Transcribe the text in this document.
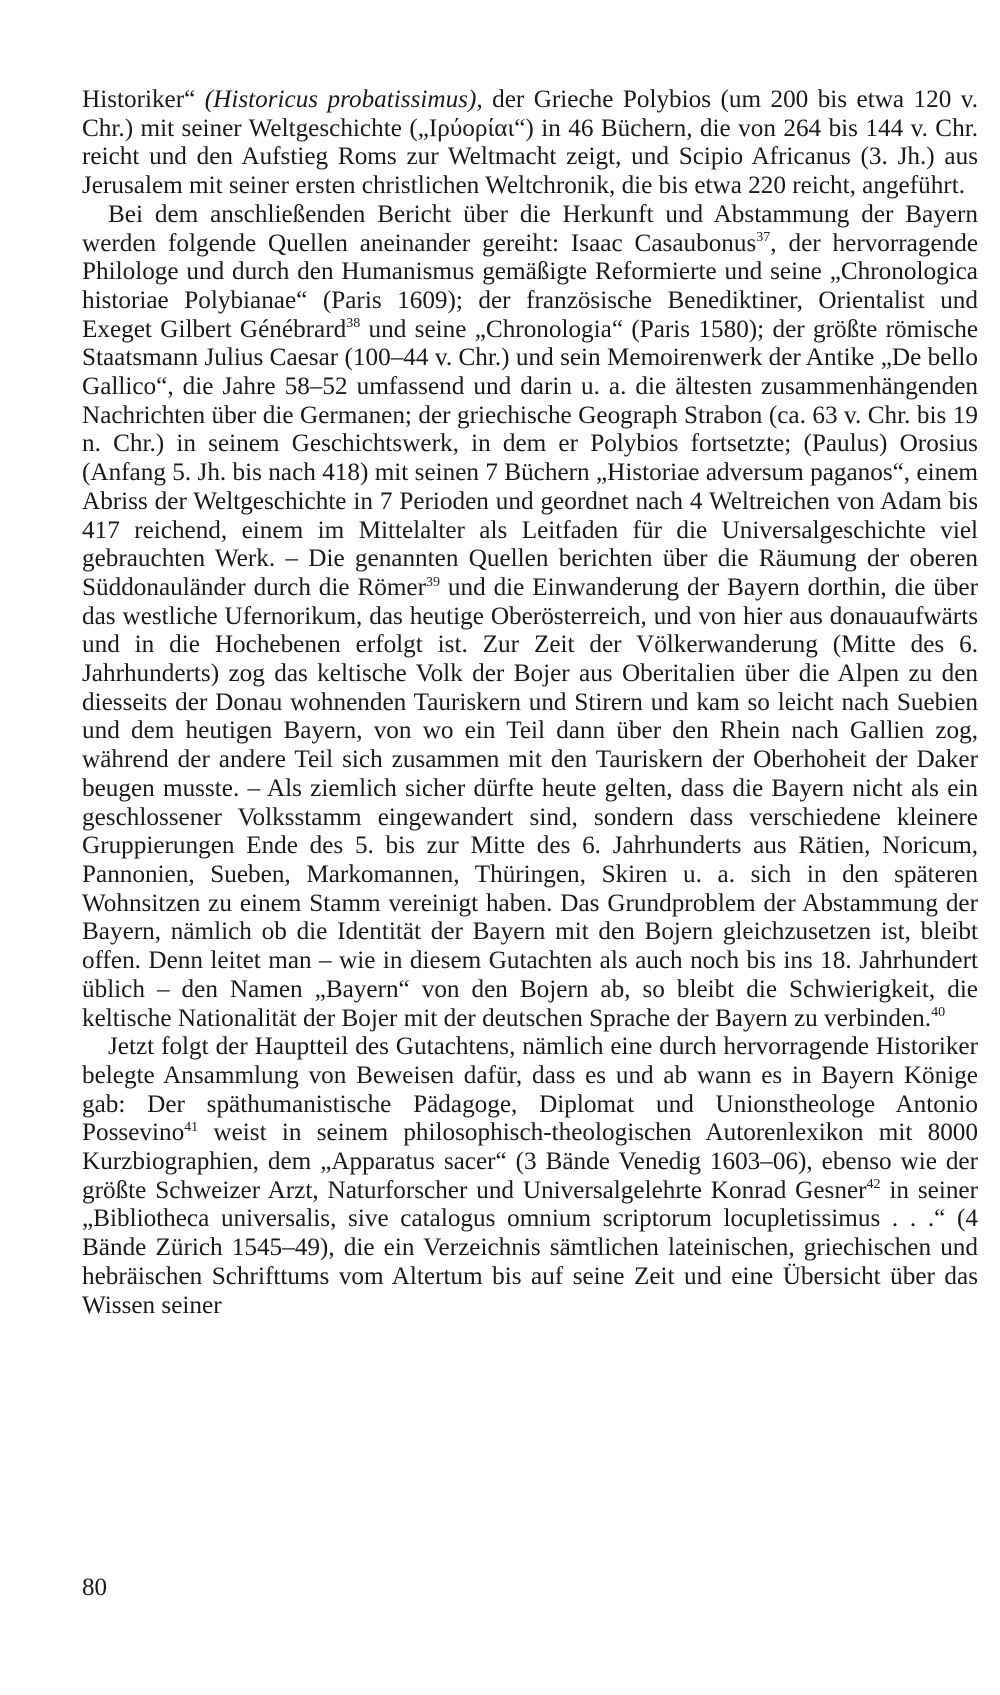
Historiker“ (Historicus probatissimus), der Grieche Polybios (um 200 bis etwa 120 v. Chr.) mit seiner Weltgeschichte („Ιρύορίαι“) in 46 Büchern, die von 264 bis 144 v. Chr. reicht und den Aufstieg Roms zur Weltmacht zeigt, und Scipio Africanus (3. Jh.) aus Jerusalem mit seiner ersten christlichen Weltchronik, die bis etwa 220 reicht, angeführt.

Bei dem anschließenden Bericht über die Herkunft und Abstammung der Bayern werden folgende Quellen aneinander gereiht: Isaac Casaubonus$^{37}$, der hervorragende Philologe und durch den Humanismus gemäßigte Reformierte und seine „Chronologica historiae Polybianae“ (Paris 1609); der französische Benediktiner, Orientalist und Exeget Gilbert Génébrard$^{38}$ und seine „Chronologia“ (Paris 1580); der größte römische Staatsmann Julius Caesar (100–44 v. Chr.) und sein Memoirenwerk der Antike „De bello Gallico“, die Jahre 58–52 umfassend und darin u. a. die ältesten zusammenhängenden Nachrichten über die Germanen; der griechische Geograph Strabon (ca. 63 v. Chr. bis 19 n. Chr.) in seinem Geschichtswerk, in dem er Polybios fortsetzte; (Paulus) Orosius (Anfang 5. Jh. bis nach 418) mit seinen 7 Büchern „Historiae adversum paganos“, einem Abriss der Weltgeschichte in 7 Perioden und geordnet nach 4 Weltreichen von Adam bis 417 reichend, einem im Mittelalter als Leitfaden für die Universalgeschichte viel gebrauchten Werk. – Die genannten Quellen berichten über die Räumung der oberen Süddonauländer durch die Römer$^{39}$ und die Einwanderung der Bayern dorthin, die über das westliche Ufernorikum, das heutige Oberösterreich, und von hier aus donauaufwärts und in die Hochebenen erfolgt ist. Zur Zeit der Völkerwanderung (Mitte des 6. Jahrhunderts) zog das keltische Volk der Bojer aus Oberitalien über die Alpen zu den diesseits der Donau wohnenden Tauriskern und Stirern und kam so leicht nach Suebien und dem heutigen Bayern, von wo ein Teil dann über den Rhein nach Gallien zog, während der andere Teil sich zusammen mit den Tauriskern der Oberhoheit der Daker beugen musste. – Als ziemlich sicher dürfte heute gelten, dass die Bayern nicht als ein geschlossener Volksstamm eingewandert sind, sondern dass verschiedene kleinere Gruppierungen Ende des 5. bis zur Mitte des 6. Jahrhunderts aus Rätien, Noricum, Pannonien, Sueben, Markomannen, Thüringen, Skiren u. a. sich in den späteren Wohnsitzen zu einem Stamm vereinigt haben. Das Grundproblem der Abstammung der Bayern, nämlich ob die Identität der Bayern mit den Bojern gleichzusetzen ist, bleibt offen. Denn leitet man – wie in diesem Gutachten als auch noch bis ins 18. Jahrhundert üblich – den Namen „Bayern“ von den Bojern ab, so bleibt die Schwierigkeit, die keltische Nationalität der Bojer mit der deutschen Sprache der Bayern zu verbinden.$^{40}$

Jetzt folgt der Hauptteil des Gutachtens, nämlich eine durch hervorragende Historiker belegte Ansammlung von Beweisen dafür, dass es und ab wann es in Bayern Könige gab: Der späthumanistische Pädagoge, Diplomat und Unionstheologe Antonio Possevino$^{41}$ weist in seinem philosophisch-theologischen Autorenlexikon mit 8000 Kurzbiographien, dem „Apparatus sacer“ (3 Bände Venedig 1603–06), ebenso wie der größte Schweizer Arzt, Naturforscher und Universalgelehrte Konrad Gesner$^{42}$ in seiner „Bibliotheca universalis, sive catalogus omnium scriptorum locupletissimus . . .“ (4 Bände Zürich 1545–49), die ein Verzeichnis sämtlichen lateinischen, griechischen und hebräischen Schrifttums vom Altertum bis auf seine Zeit und eine Übersicht über das Wissen seiner

80
